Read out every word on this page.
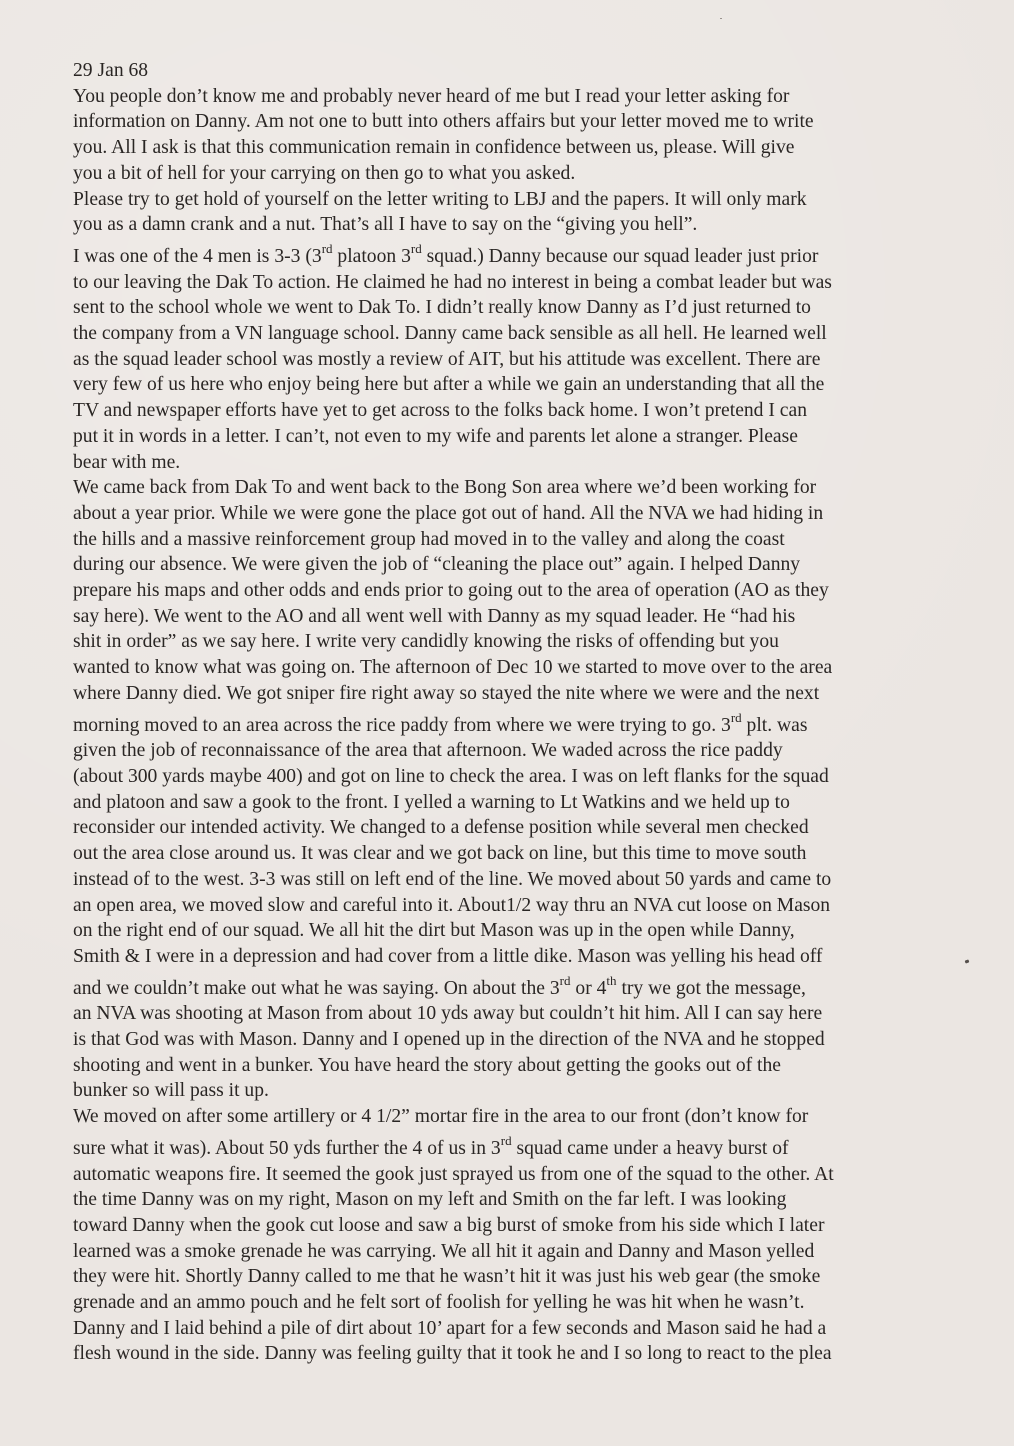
29 Jan 68
You people don’t know me and probably never heard of me but I read your letter asking for
information on Danny. Am not one to butt into others affairs but your letter moved me to write
you. All I ask is that this communication remain in confidence between us, please. Will give
you a bit of hell for your carrying on then go to what you asked.
Please try to get hold of yourself on the letter writing to LBJ and the papers. It will only mark
you as a damn crank and a nut. That’s all I have to say on the “giving you hell”.
I was one of the 4 men is 3-3 (3rd platoon 3rd squad.) Danny because our squad leader just prior
to our leaving the Dak To action. He claimed he had no interest in being a combat leader but was
sent to the school whole we went to Dak To. I didn’t really know Danny as I’d just returned to
the company from a VN language school. Danny came back sensible as all hell. He learned well
as the squad leader school was mostly a review of AIT, but his attitude was excellent. There are
very few of us here who enjoy being here but after a while we gain an understanding that all the
TV and newspaper efforts have yet to get across to the folks back home. I won’t pretend I can
put it in words in a letter. I can’t, not even to my wife and parents let alone a stranger. Please
bear with me.
We came back from Dak To and went back to the Bong Son area where we’d been working for
about a year prior. While we were gone the place got out of hand. All the NVA we had hiding in
the hills and a massive reinforcement group had moved in to the valley and along the coast
during our absence. We were given the job of “cleaning the place out” again. I helped Danny
prepare his maps and other odds and ends prior to going out to the area of operation (AO as they
say here). We went to the AO and all went well with Danny as my squad leader. He “had his
shit in order” as we say here. I write very candidly knowing the risks of offending but you
wanted to know what was going on. The afternoon of Dec 10 we started to move over to the area
where Danny died. We got sniper fire right away so stayed the nite where we were and the next
morning moved to an area across the rice paddy from where we were trying to go. 3rd plt. was
given the job of reconnaissance of the area that afternoon. We waded across the rice paddy
(about 300 yards maybe 400) and got on line to check the area. I was on left flanks for the squad
and platoon and saw a gook to the front. I yelled a warning to Lt Watkins and we held up to
reconsider our intended activity. We changed to a defense position while several men checked
out the area close around us. It was clear and we got back on line, but this time to move south
instead of to the west. 3-3 was still on left end of the line. We moved about 50 yards and came to
an open area, we moved slow and careful into it. About1/2 way thru an NVA cut loose on Mason
on the right end of our squad. We all hit the dirt but Mason was up in the open while Danny,
Smith & I were in a depression and had cover from a little dike. Mason was yelling his head off
and we couldn’t make out what he was saying. On about the 3rd or 4th try we got the message,
an NVA was shooting at Mason from about 10 yds away but couldn’t hit him. All I can say here
is that God was with Mason. Danny and I opened up in the direction of the NVA and he stopped
shooting and went in a bunker. You have heard the story about getting the gooks out of the
bunker so will pass it up.
We moved on after some artillery or 4 1/2” mortar fire in the area to our front (don’t know for
sure what it was). About 50 yds further the 4 of us in 3rd squad came under a heavy burst of
automatic weapons fire. It seemed the gook just sprayed us from one of the squad to the other. At
the time Danny was on my right, Mason on my left and Smith on the far left. I was looking
toward Danny when the gook cut loose and saw a big burst of smoke from his side which I later
learned was a smoke grenade he was carrying. We all hit it again and Danny and Mason yelled
they were hit. Shortly Danny called to me that he wasn’t hit it was just his web gear (the smoke
grenade and an ammo pouch and he felt sort of foolish for yelling he was hit when he wasn’t.
Danny and I laid behind a pile of dirt about 10’ apart for a few seconds and Mason said he had a
flesh wound in the side. Danny was feeling guilty that it took he and I so long to react to the plea
